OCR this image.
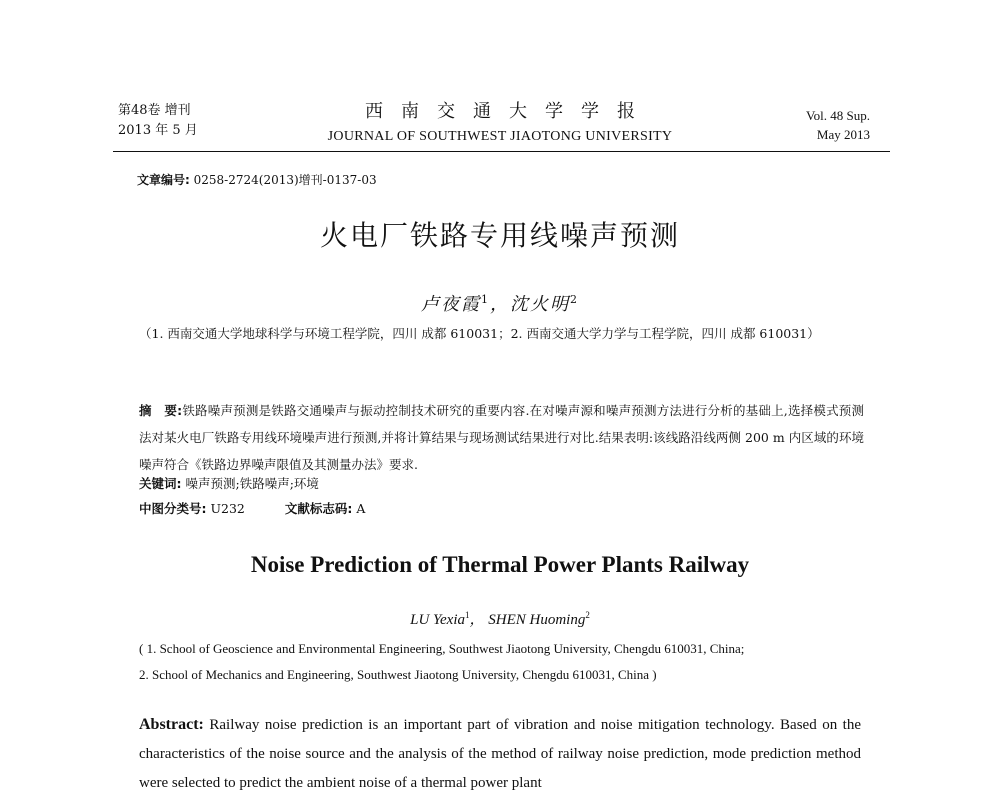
第48卷 增刊
2013 年 5 月
西南交通大学学报
JOURNAL OF SOUTHWEST JIAOTONG UNIVERSITY
Vol. 48 Sup.
May 2013
文章编号: 0258-2724(2013)增刊-0137-03
火电厂铁路专用线噪声预测
卢夜霞$^1$，沈火明$^2$
（1. 西南交通大学地球科学与环境工程学院，四川 成都 610031；2. 西南交通大学力学与工程学院，四川 成都 610031）
摘　要:铁路噪声预测是铁路交通噪声与振动控制技术研究的重要内容.在对噪声源和噪声预测方法进行分析的基础上,选择模式预测法对某火电厂铁路专用线环境噪声进行预测,并将计算结果与现场测试结果进行对比.结果表明:该线路沿线两侧 200 m 内区域的环境噪声符合《铁路边界噪声限值及其测量办法》要求.
关键词: 噪声预测;铁路噪声;环境
中图分类号: U232	文献标志码: A
Noise Prediction of Thermal Power Plants Railway
LU Yexia$^1$， SHEN Huoming$^2$
( 1. School of Geoscience and Environmental Engineering, Southwest Jiaotong University, Chengdu 610031, China;
2. School of Mechanics and Engineering, Southwest Jiaotong University, Chengdu 610031, China )
Abstract: Railway noise prediction is an important part of vibration and noise mitigation technology. Based on the characteristics of the noise source and the analysis of the method of railway noise prediction, mode prediction method were selected to predict the ambient noise of a thermal power plant
